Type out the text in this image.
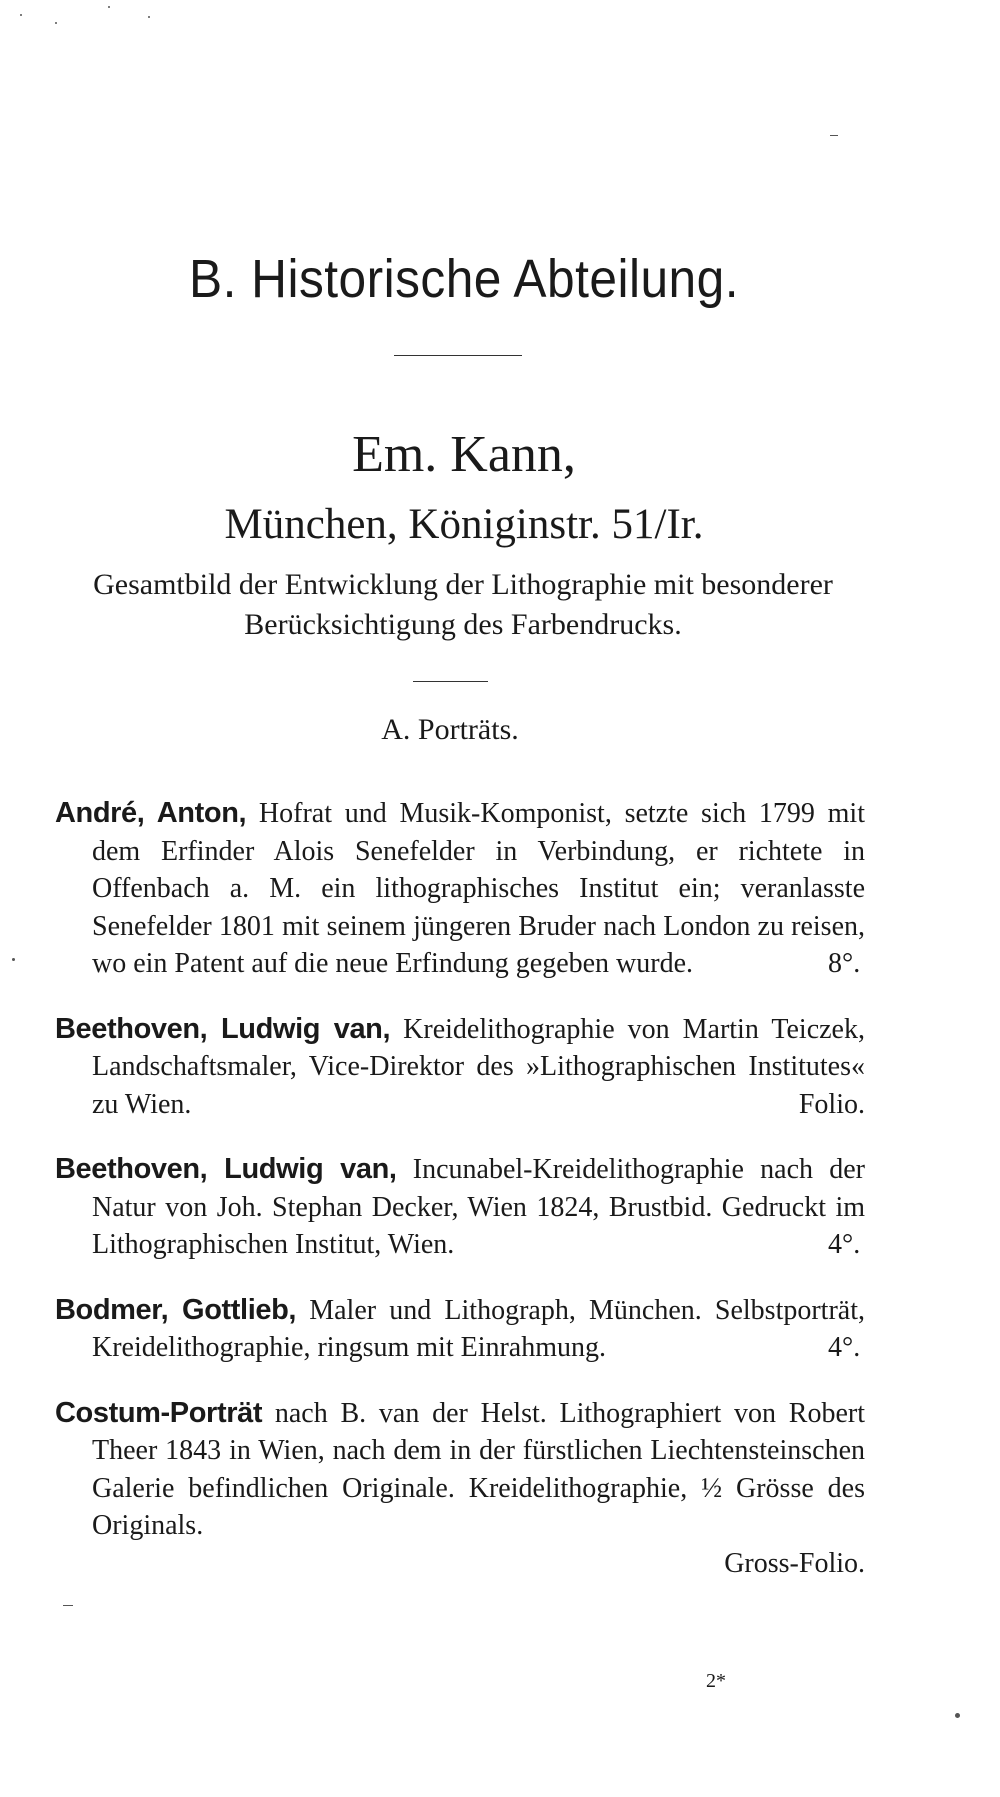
B. Historische Abteilung.
Em. Kann,
München, Königinstr. 51/Ir.
Gesamtbild der Entwicklung der Lithographie mit besonderer Berücksichtigung des Farbendrucks.
A. Porträts.

André, Anton, Hofrat und Musik-Komponist, setzte sich 1799 mit dem Erfinder Alois Senefelder in Verbindung, er richtete in Offenbach a. M. ein lithographisches Institut ein; veranlasste Senefelder 1801 mit seinem jüngeren Bruder nach London zu reisen, wo ein Patent auf die neue Erfindung gegeben wurde.	8°.

Beethoven, Ludwig van, Kreidelithographie von Martin Teiczek, Landschaftsmaler, Vice-Direktor des »Lithographischen Institutes« zu Wien.	Folio.

Beethoven, Ludwig van, Incunabel-Kreidelithographie nach der Natur von Joh. Stephan Decker, Wien 1824, Brustbid. Gedruckt im Lithographischen Institut, Wien.	4°.

Bodmer, Gottlieb, Maler und Lithograph, München. Selbstporträt, Kreidelithographie, ringsum mit Einrahmung.	4°.

Costum-Porträt nach B. van der Helst. Lithographiert von Robert Theer 1843 in Wien, nach dem in der fürstlichen Liechtensteinschen Galerie befindlichen Originale. Kreidelithographie, ½ Grösse des Originals.
Gross-Folio.

2*
